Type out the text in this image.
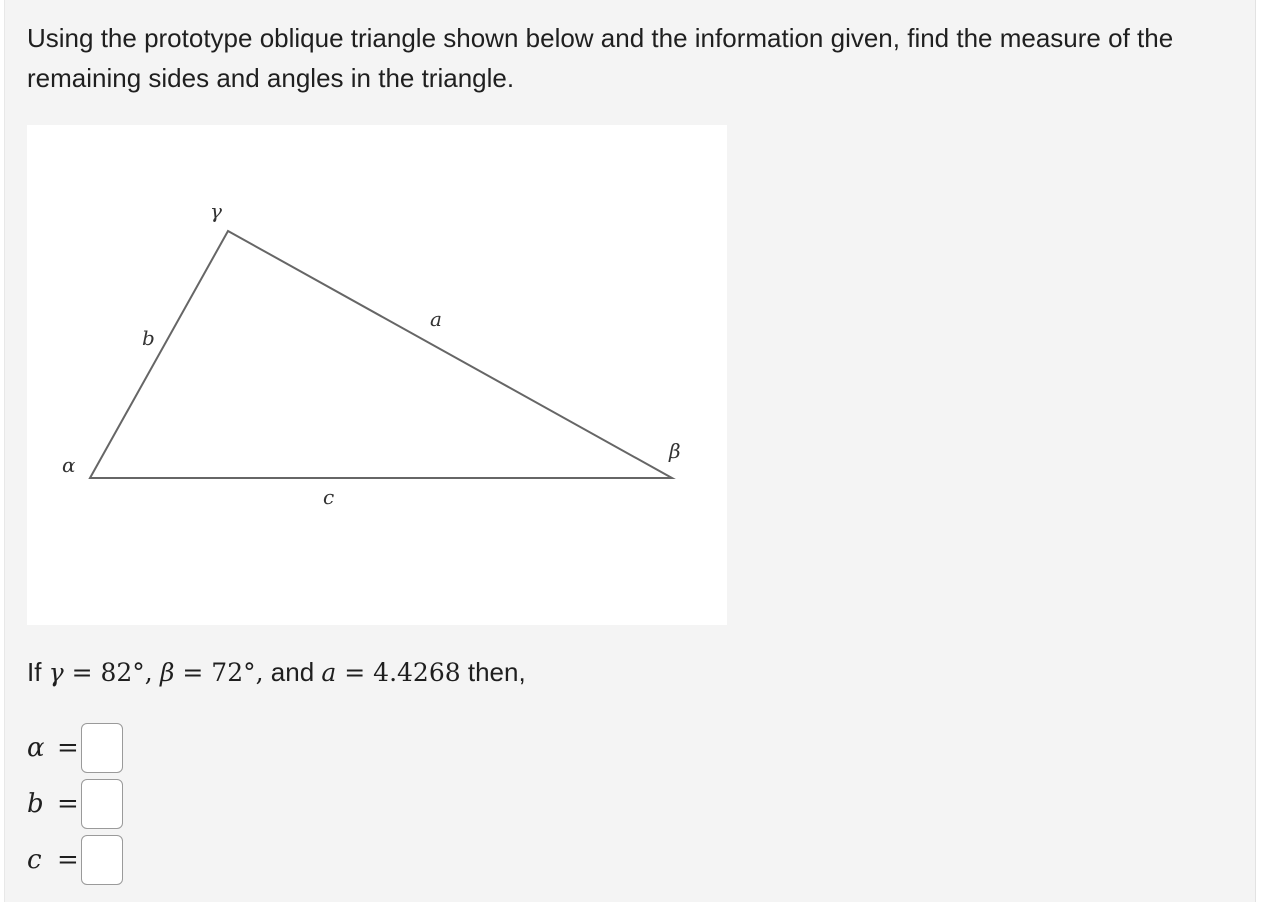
Using the prototype oblique triangle shown below and the information given, find the measure of the remaining sides and angles in the triangle.

γ
α
β
a
b
c
If γ = 82°, β = 72°, and a = 4.4268 then,
α =
b =
c =
